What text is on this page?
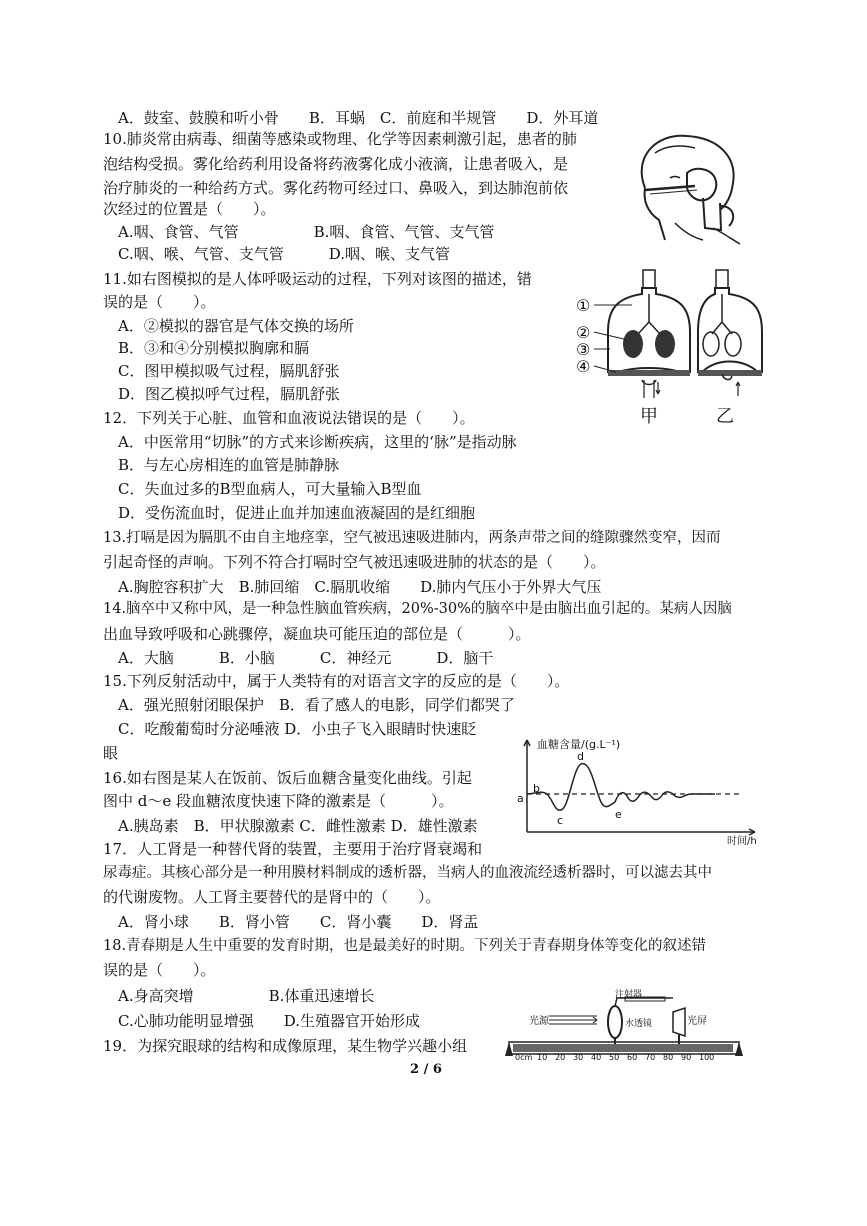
A．鼓室、鼓膜和听小骨　　B．耳蜗　C．前庭和半规管　　D．外耳道
10.肺炎常由病毒、细菌等感染或物理、化学等因素刺激引起，患者的肺
泡结构受损。雾化给药利用设备将药液雾化成小液滴，让患者吸入，是
治疗肺炎的一种给药方式。雾化药物可经过口、鼻吸入，到达肺泡前依
次经过的位置是（　　）。
A.咽、食管、气管　　　　　B.咽、食管、气管、支气管
C.咽、喉、气管、支气管　　　D.咽、喉、支气管
11.如右图模拟的是人体呼吸运动的过程，下列对该图的描述，错
误的是（　　）。
A．②模拟的器官是气体交换的场所
B．③和④分别模拟胸廓和膈
C．图甲模拟吸气过程，膈肌舒张
D．图乙模拟呼气过程，膈肌舒张
12．下列关于心脏、血管和血液说法错误的是（　　）。
A．中医常用“切脉”的方式来诊断疾病，这里的‘脉”是指动脉
B．与左心房相连的血管是肺静脉
C．失血过多的B型血病人，可大量输入B型血
D．受伤流血时，促进止血并加速血液凝固的是红细胞
13.打嗝是因为膈肌不由自主地痉挛，空气被迅速吸进肺内，两条声带之间的缝隙骤然变窄，因而
引起奇怪的声响。下列不符合打嗝时空气被迅速吸进肺的状态的是（　　）。
A.胸腔容积扩大　B.肺回缩　C.膈肌收缩　　D.肺内气压小于外界大气压
14.脑卒中又称中风，是一种急性脑血管疾病，20%-30%的脑卒中是由脑出血引起的。某病人因脑
出血导致呼吸和心跳骤停，凝血块可能压迫的部位是（　　　）。
A．大脑　　　B．小脑　　　C．神经元　　　D．脑干
15.下列反射活动中，属于人类特有的对语言文字的反应的是（　　）。
A．强光照射闭眼保护　B．看了感人的电影，同学们都哭了
C．吃酸葡萄时分泌唾液 D．小虫子飞入眼睛时快速眨
眼
16.如右图是某人在饭前、饭后血糖含量变化曲线。引起
图中 d～e 段血糖浓度快速下降的激素是（　　　）。
A.胰岛素　B．甲状腺激素 C．雌性激素 D．雄性激素
17．人工肾是一种替代肾的装置，主要用于治疗肾衰竭和
尿毒症。其核心部分是一种用膜材料制成的透析器，当病人的血液流经透析器时，可以滤去其中
的代谢废物。人工肾主要替代的是肾中的（　　）。
A．肾小球　　B．肾小管　　C．肾小囊　　D．肾盂
18.青春期是人生中重要的发育时期，也是最美好的时期。下列关于青春期身体等变化的叙述错
误的是（　　）。
A.身高突增　　　　　B.体重迅速增长
C.心肺功能明显增强　　D.生殖器官开始形成
19．为探究眼球的结构和成像原理，某生物学兴趣小组
2 / 6
①
②
③
④
甲	乙
血糖含量/(g.L⁻¹)
时间/h
a
b
c
d
e
注射器
光源	水透镜	光屏
0cm 10 20 30 40 50 60 70 80 90 100
